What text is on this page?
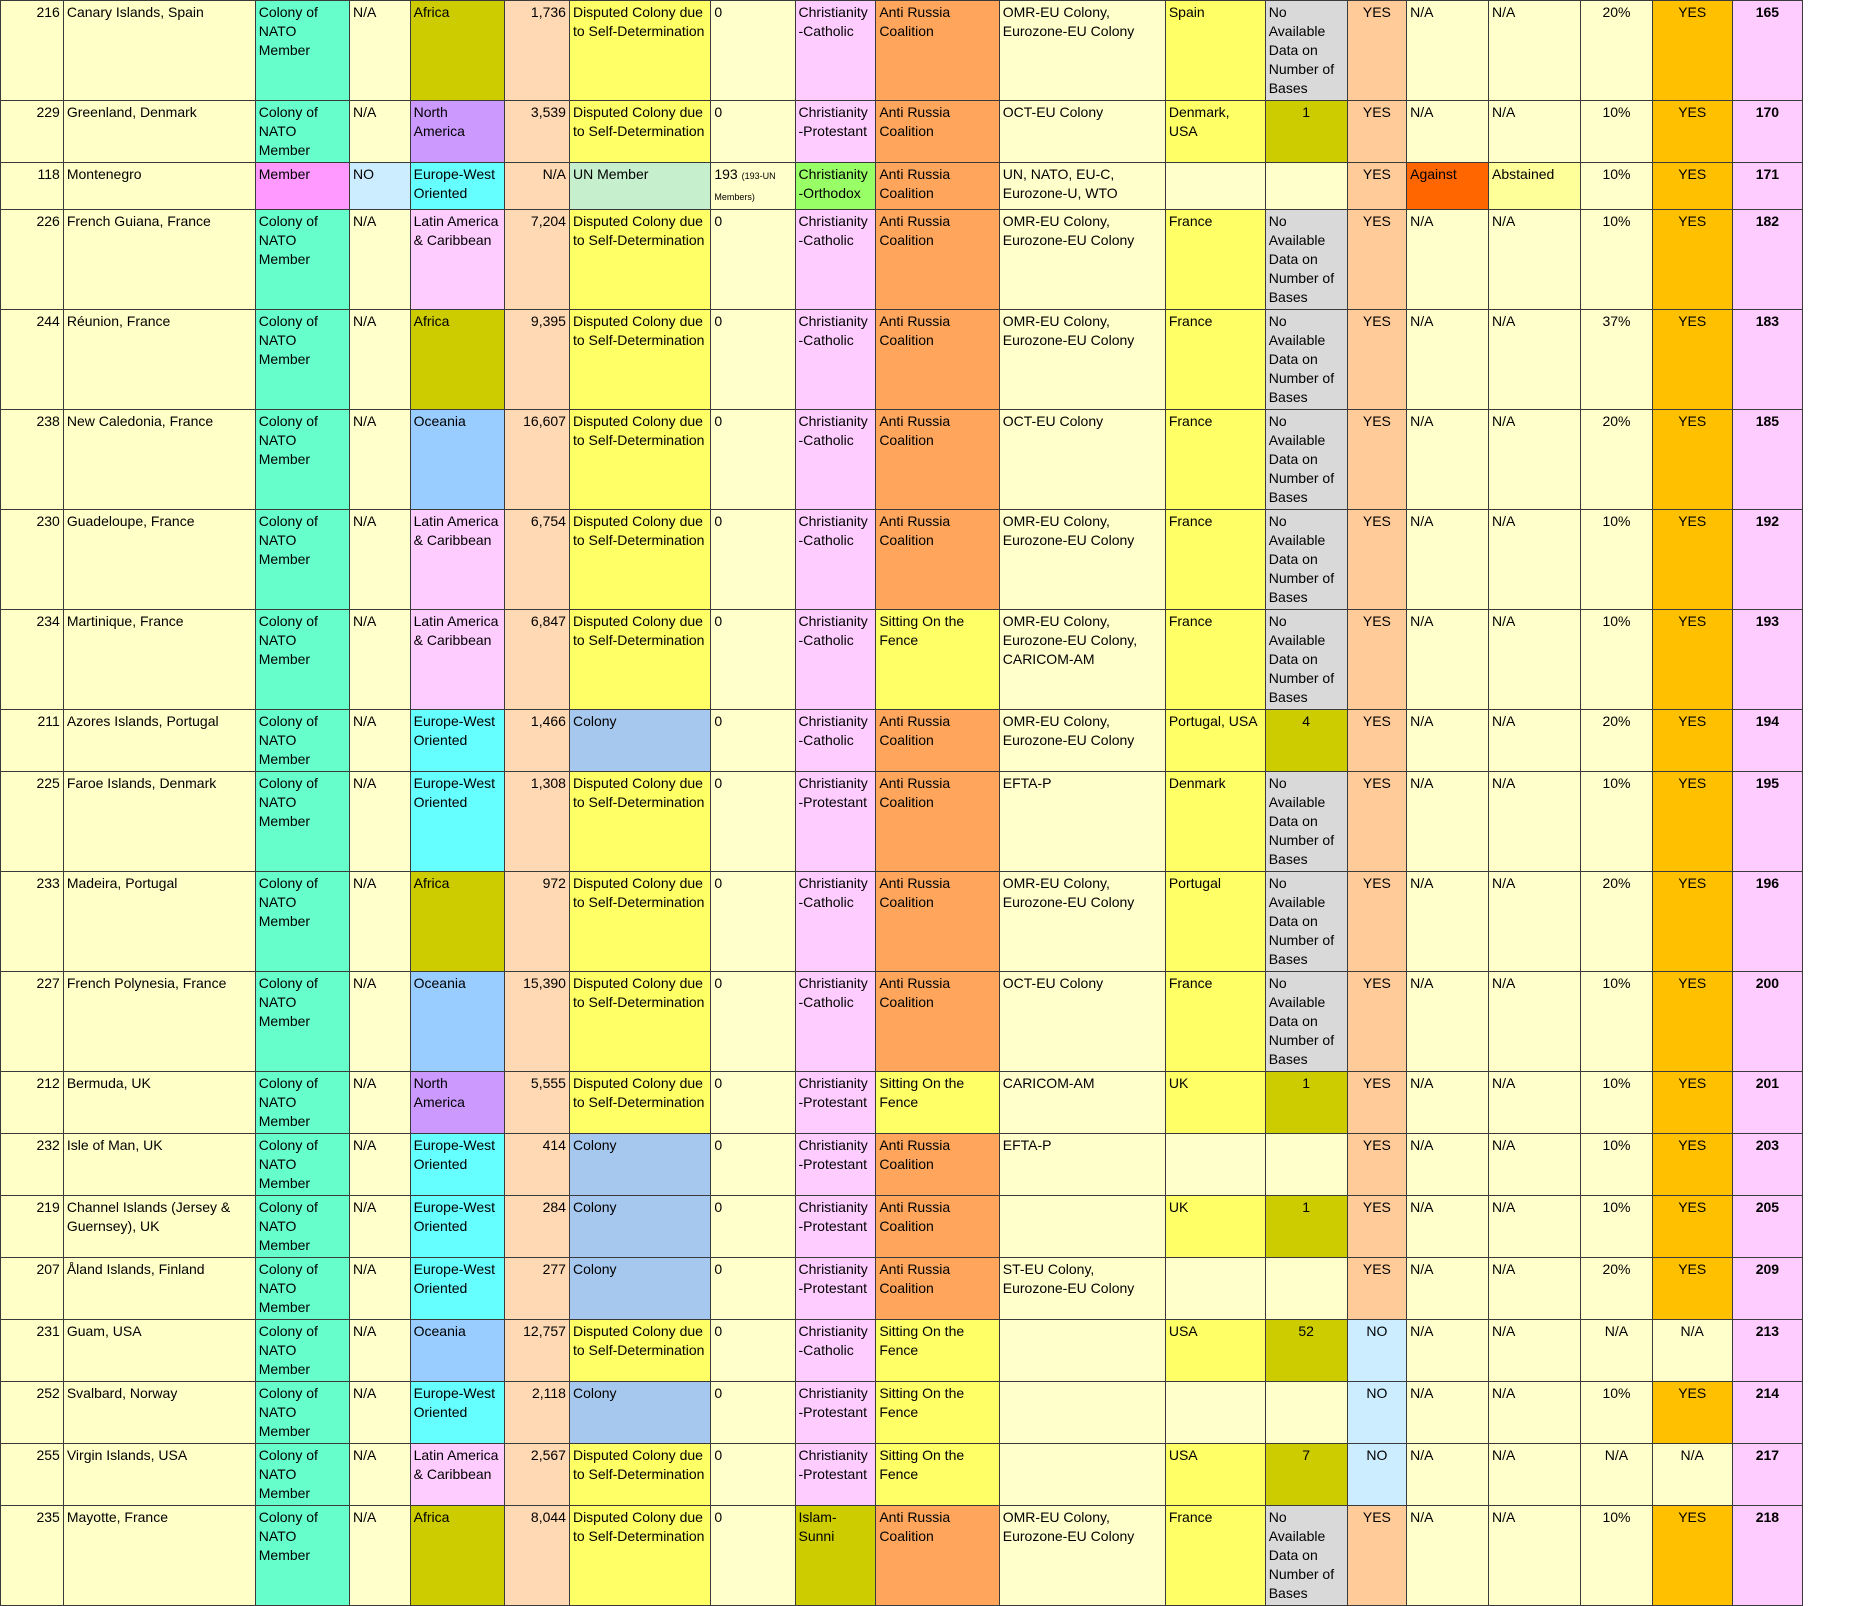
216	Canary Islands, Spain	Colony of NATO Member	N/A	Africa	1,736	Disputed Colony due to Self-Determination	0	Christianity-Catholic	Anti Russia Coalition	OMR-EU Colony, Eurozone-EU Colony	Spain	No Available Data on Number of Bases	YES	N/A	N/A	20%	YES	165
229	Greenland, Denmark	Colony of NATO Member	N/A	North America	3,539	Disputed Colony due to Self-Determination	0	Christianity-Protestant	Anti Russia Coalition	OCT-EU Colony	Denmark, USA	1	YES	N/A	N/A	10%	YES	170
118	Montenegro	Member	NO	Europe-West Oriented	N/A	UN Member	193 (193-UN Members)	Christianity-Orthodox	Anti Russia Coalition	UN, NATO, EU-C, Eurozone-U, WTO			YES	Against	Abstained	10%	YES	171
226	French Guiana, France	Colony of NATO Member	N/A	Latin America & Caribbean	7,204	Disputed Colony due to Self-Determination	0	Christianity-Catholic	Anti Russia Coalition	OMR-EU Colony, Eurozone-EU Colony	France	No Available Data on Number of Bases	YES	N/A	N/A	10%	YES	182
244	Réunion, France	Colony of NATO Member	N/A	Africa	9,395	Disputed Colony due to Self-Determination	0	Christianity-Catholic	Anti Russia Coalition	OMR-EU Colony, Eurozone-EU Colony	France	No Available Data on Number of Bases	YES	N/A	N/A	37%	YES	183
238	New Caledonia, France	Colony of NATO Member	N/A	Oceania	16,607	Disputed Colony due to Self-Determination	0	Christianity-Catholic	Anti Russia Coalition	OCT-EU Colony	France	No Available Data on Number of Bases	YES	N/A	N/A	20%	YES	185
230	Guadeloupe, France	Colony of NATO Member	N/A	Latin America & Caribbean	6,754	Disputed Colony due to Self-Determination	0	Christianity-Catholic	Anti Russia Coalition	OMR-EU Colony, Eurozone-EU Colony	France	No Available Data on Number of Bases	YES	N/A	N/A	10%	YES	192
234	Martinique, France	Colony of NATO Member	N/A	Latin America & Caribbean	6,847	Disputed Colony due to Self-Determination	0	Christianity-Catholic	Sitting On the Fence	OMR-EU Colony, Eurozone-EU Colony, CARICOM-AM	France	No Available Data on Number of Bases	YES	N/A	N/A	10%	YES	193
211	Azores Islands, Portugal	Colony of NATO Member	N/A	Europe-West Oriented	1,466	Colony	0	Christianity-Catholic	Anti Russia Coalition	OMR-EU Colony, Eurozone-EU Colony	Portugal, USA	4	YES	N/A	N/A	20%	YES	194
225	Faroe Islands, Denmark	Colony of NATO Member	N/A	Europe-West Oriented	1,308	Disputed Colony due to Self-Determination	0	Christianity-Protestant	Anti Russia Coalition	EFTA-P	Denmark	No Available Data on Number of Bases	YES	N/A	N/A	10%	YES	195
233	Madeira, Portugal	Colony of NATO Member	N/A	Africa	972	Disputed Colony due to Self-Determination	0	Christianity-Catholic	Anti Russia Coalition	OMR-EU Colony, Eurozone-EU Colony	Portugal	No Available Data on Number of Bases	YES	N/A	N/A	20%	YES	196
227	French Polynesia, France	Colony of NATO Member	N/A	Oceania	15,390	Disputed Colony due to Self-Determination	0	Christianity-Catholic	Anti Russia Coalition	OCT-EU Colony	France	No Available Data on Number of Bases	YES	N/A	N/A	10%	YES	200
212	Bermuda, UK	Colony of NATO Member	N/A	North America	5,555	Disputed Colony due to Self-Determination	0	Christianity-Protestant	Sitting On the Fence	CARICOM-AM	UK	1	YES	N/A	N/A	10%	YES	201
232	Isle of Man, UK	Colony of NATO Member	N/A	Europe-West Oriented	414	Colony	0	Christianity-Protestant	Anti Russia Coalition	EFTA-P			YES	N/A	N/A	10%	YES	203
219	Channel Islands (Jersey & Guernsey), UK	Colony of NATO Member	N/A	Europe-West Oriented	284	Colony	0	Christianity-Protestant	Anti Russia Coalition		UK	1	YES	N/A	N/A	10%	YES	205
207	Åland Islands, Finland	Colony of NATO Member	N/A	Europe-West Oriented	277	Colony	0	Christianity-Protestant	Anti Russia Coalition	ST-EU Colony, Eurozone-EU Colony			YES	N/A	N/A	20%	YES	209
231	Guam, USA	Colony of NATO Member	N/A	Oceania	12,757	Disputed Colony due to Self-Determination	0	Christianity-Catholic	Sitting On the Fence		USA	52	NO	N/A	N/A	N/A	N/A	213
252	Svalbard, Norway	Colony of NATO Member	N/A	Europe-West Oriented	2,118	Colony	0	Christianity-Protestant	Sitting On the Fence				NO	N/A	N/A	10%	YES	214
255	Virgin Islands, USA	Colony of NATO Member	N/A	Latin America & Caribbean	2,567	Disputed Colony due to Self-Determination	0	Christianity-Protestant	Sitting On the Fence		USA	7	NO	N/A	N/A	N/A	N/A	217
235	Mayotte, France	Colony of NATO Member	N/A	Africa	8,044	Disputed Colony due to Self-Determination	0	Islam-Sunni	Anti Russia Coalition	OMR-EU Colony, Eurozone-EU Colony	France	No Available Data on Number of Bases	YES	N/A	N/A	10%	YES	218
